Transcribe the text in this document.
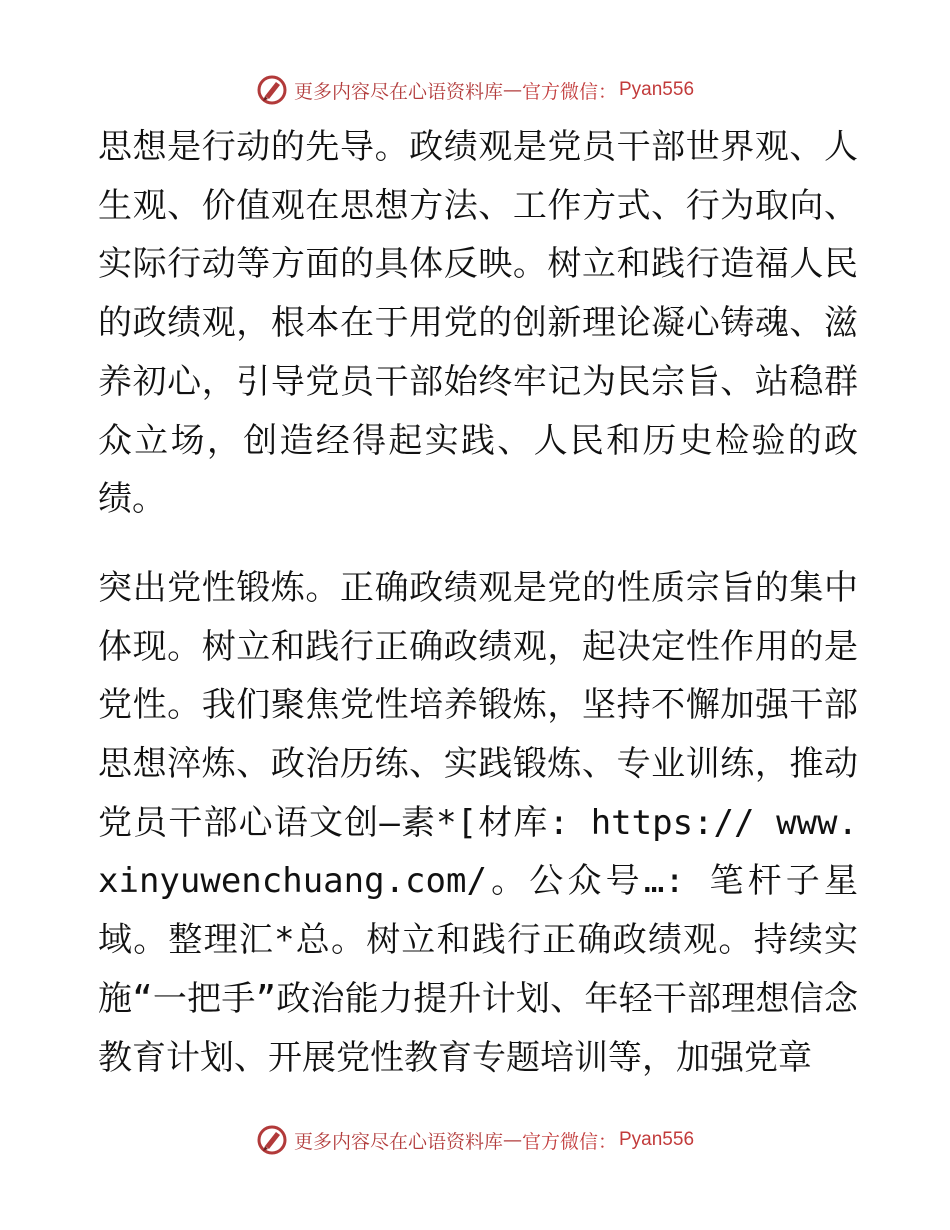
更多内容尽在心语资料库 — 官方微信： Pyan556

思想是行动的先导。政绩观是党员干部世界观、人生观、价值观在思想方法、工作方式、行为取向、实际行动等方面的具体反映。树立和践行造福人民的政绩观，根本在于用党的创新理论凝心铸魂、滋养初心，引导党员干部始终牢记为民宗旨、站稳群众立场，创造经得起实践、人民和历史检验的政绩。

突出党性锻炼。正确政绩观是党的性质宗旨的集中体现。树立和践行正确政绩观，起决定性作用的是党性。我们聚焦党性培养锻炼，坚持不懈加强干部思想淬炼、政治历练、实践锻炼、专业训练，推动党员干部心语文创—素*[材库: https:// www.xinyuwenchuang.com/。公众号…: 笔杆子星域。整理汇*总。树立和践行正确政绩观。持续实施“一把手”政治能力提升计划、年轻干部理想信念教育计划、开展党性教育专题培训等，加强党章

更多内容尽在心语资料库 — 官方微信： Pyan556
